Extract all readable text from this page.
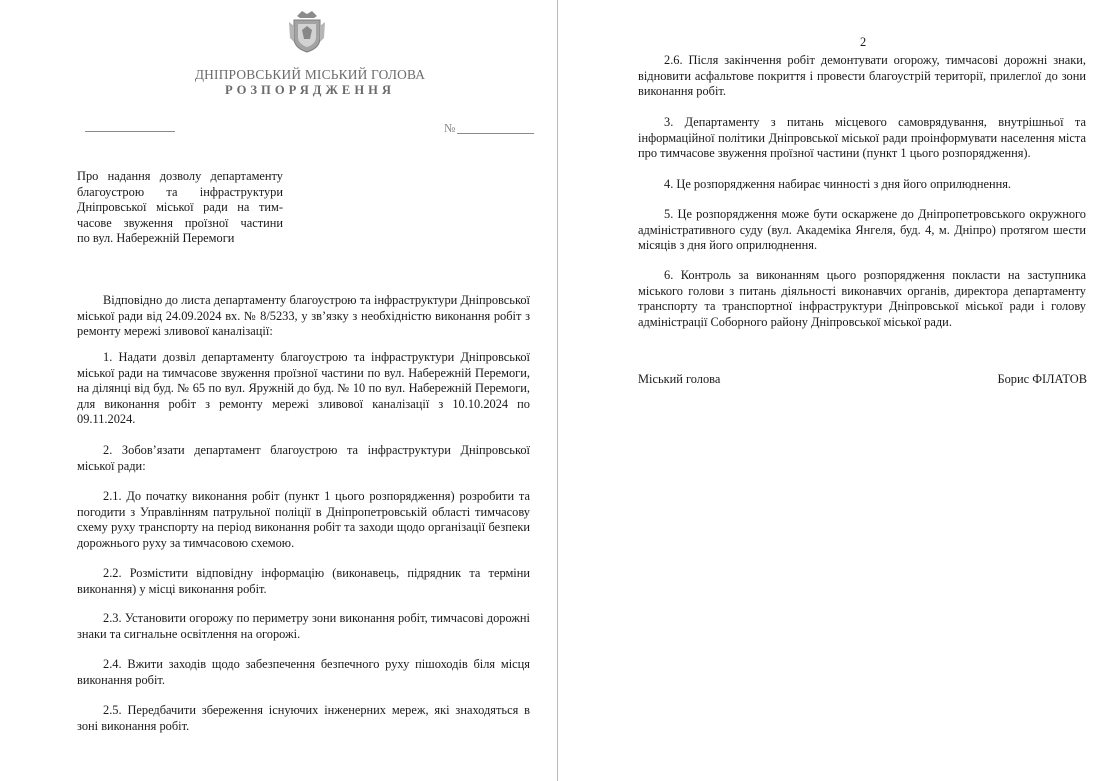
ДНІПРОВСЬКИЙ МІСЬКИЙ ГОЛОВА
РОЗПОРЯДЖЕННЯ
№
Про надання дозволу департаменту
благоустрою та інфраструктури
Дніпровської міської ради на тим-
часове звуження проїзної частини
по вул. Набережній Перемоги

Відповідно до листа департаменту благоустрою та інфраструктури Дніпровської міської ради від 24.09.2024 вх. № 8/5233, у зв’язку з необхідністю виконання робіт з ремонту мережі зливової каналізації:

1. Надати дозвіл департаменту благоустрою та інфраструктури Дніпровської міської ради на тимчасове звуження проїзної частини по вул. Набережній Перемоги, на ділянці від буд. № 65 по вул. Яружній до буд. № 10 по вул. Набережній Перемоги, для виконання робіт з ремонту мережі зливової каналізації з 10.10.2024 по 09.11.2024.

2. Зобов’язати департамент благоустрою та інфраструктури Дніпровської міської ради:

2.1. До початку виконання робіт (пункт 1 цього розпорядження) розробити та погодити з Управлінням патрульної поліції в Дніпропетровській області тимчасову схему руху транспорту на період виконання робіт та заходи щодо організації безпеки дорожнього руху за тимчасовою схемою.

2.2. Розмістити відповідну інформацію (виконавець, підрядник та терміни виконання) у місці виконання робіт.

2.3. Установити огорожу по периметру зони виконання робіт, тимчасові дорожні знаки та сигнальне освітлення на огорожі.

2.4. Вжити заходів щодо забезпечення безпечного руху пішоходів біля місця виконання робіт.

2.5. Передбачити збереження існуючих інженерних мереж, які знаходяться в зоні виконання робіт.

2

2.6. Після закінчення робіт демонтувати огорожу, тимчасові дорожні знаки, відновити асфальтове покриття і провести благоустрій території, прилеглої до зони виконання робіт.

3. Департаменту з питань місцевого самоврядування, внутрішньої та інформаційної політики Дніпровської міської ради проінформувати населення міста про тимчасове звуження проїзної частини (пункт 1 цього розпорядження).

4. Це розпорядження набирає чинності з дня його оприлюднення.

5. Це розпорядження може бути оскаржене до Дніпропетровського окружного адміністративного суду (вул. Академіка Янгеля, буд. 4, м. Дніпро) протягом шести місяців з дня його оприлюднення.

6. Контроль за виконанням цього розпорядження покласти на заступника міського голови з питань діяльності виконавчих органів, директора департаменту транспорту та транспортної інфраструктури Дніпровської міської ради і голову адміністрації Соборного району Дніпровської міської ради.

Міський голова	Борис ФІЛАТОВ
